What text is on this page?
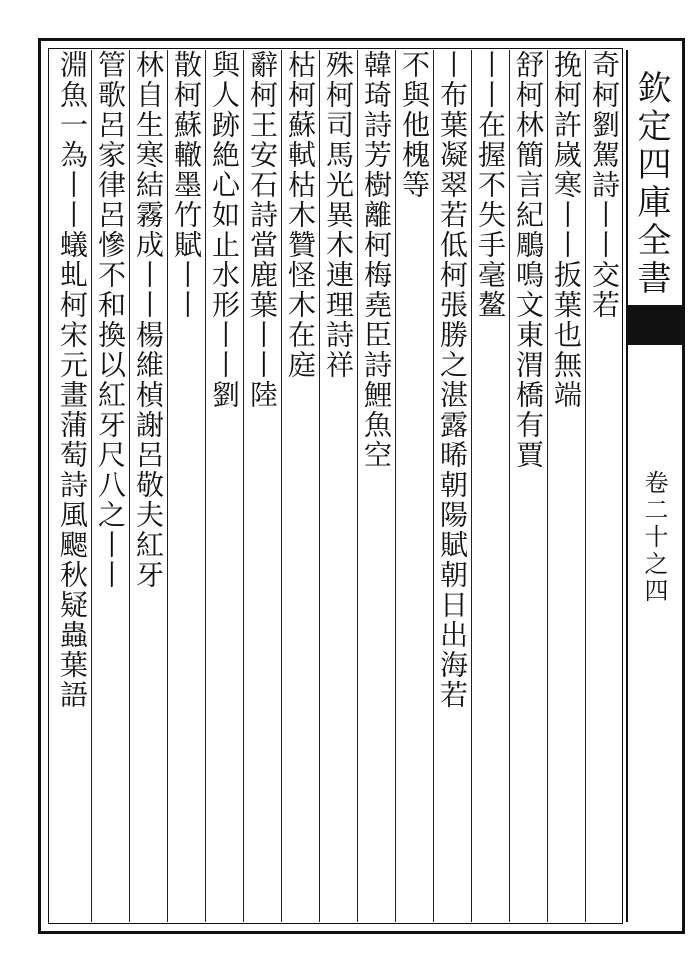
欽定四庫全書
卷二十之四
奇柯劉駕詩丨丨交若
挽柯許嵗寒丨丨扳葉也無端
舒柯林簡言紀鵰鳴文東渭橋有賈
丨丨在握不失手毫鳌
丨布葉凝翠若低柯張勝之湛露晞朝陽賦朝日出海若
不與他槐等
韓琦詩芳樹離柯梅堯臣詩鯉魚空
殊柯司馬光異木連理詩祥
枯柯蘇軾枯木贊怪木在庭
辭柯王安石詩當鹿葉丨丨陸
與人跡絶心如止水形丨丨劉
散柯蘇轍墨竹賦丨丨
林自生寒結霧成丨丨楊維楨謝呂敬夫紅牙
管歌呂家律呂慘不和換以紅牙尺八之丨丨
淵魚一為丨丨蟻虬柯宋元畫蒲萄詩風颸秋疑蟲葉語
